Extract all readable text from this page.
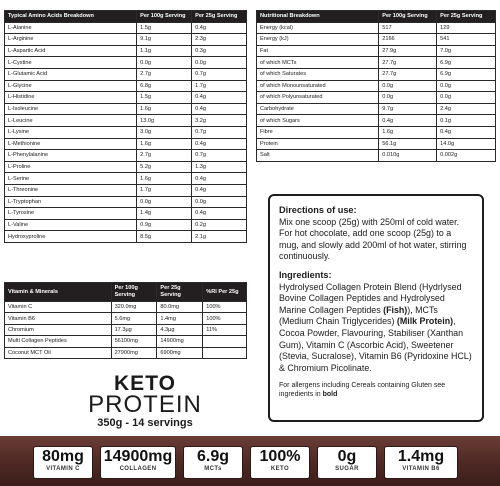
Typical Amino Acids Breakdown	Per 100g Serving	Per 25g Serving
L-Alanine	1.5g	0.4g
L-Arginine	9.1g	2.3g
L-Aspartic Acid	1.1g	0.3g
L-Cystine	0.0g	0.0g
L-Glutamic Acid	2.7g	0.7g
L-Glycine	6.8g	1.7g
L-Histidine	1.5g	0.4g
L-Isoleucine	1.6g	0.4g
L-Leucine	13.0g	3.2g
L-Lysine	3.0g	0.7g
L-Methionine	1.6g	0.4g
L-Phenylalanine	2.7g	0.7g
L-Proline	5.2g	1.3g
L-Serine	1.6g	0.4g
L-Threonine	1.7g	0.4g
L-Tryptophan	0.0g	0.0g
L-Tyrosine	1.4g	0.4g
L-Valine	0.9g	0.2g
Hydroxyproline	8.5g	2.1g
Vitamin & Minerals	Per 100g Serving	Per 25g Serving	%RI Per 25g
Vitamin C	320.0mg	80.0mg	100%
Vitamin B6	5.6mg	1.4mg	100%
Chromium	17.3µg	4.3µg	11%
Multi Collagen Peptides	56100mg	14900mg	
Coconut MCT Oil	27900mg	6900mg	
Nutritional Breakdown	Per 100g Serving	Per 25g Serving
Energy (kcal)	517	129
Energy (kJ)	2166	541
Fat	27.9g	7.0g
of which MCTs	27.7g	6.9g
of which Saturates	27.7g	6.9g
of which Monounsaturated	0.0g	0.0g
of which Polyunsaturated	0.0g	0.0g
Carbohydrate	9.7g	2.4g
of which Sugars	0.4g	0.1g
Fibre	1.6g	0.4g
Protein	56.1g	14.0g
Salt	0.010g	0.002g

Directions of use:

Mix one scoop (25g) with 250ml of cold water. For hot chocolate, add one scoop (25g) to a mug, and slowly add 200ml of hot water, stirring continuously.

Ingredients:

Hydrolysed Collagen Protein Blend (Hydrlysed Bovine Collagen Peptides and Hydrolysed Marine Collagen Peptides (Fish)), MCTs (Medium Chain Triglycerides) (Milk Protein), Cocoa Powder, Flavouring, Stabiliser (Xanthan Gum), Vitamin C (Ascorbic Acid), Sweetener (Stevia, Sucralose), Vitamin B6 (Pyridoxine HCL) & Chromium Picolinate.

For allergens including Cereals containing Gluten see ingredients in bold

KETO
PROTEIN
350g - 14 servings
80mg
VITAMIN C
14900mg
COLLAGEN
6.9g
MCTs
100%
KETO
0g
SUGAR
1.4mg
VITAMIN B6
